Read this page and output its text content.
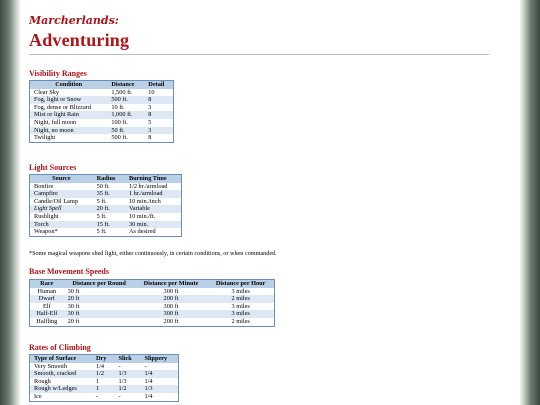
Marcherlands:
Adventuring
Visibility Ranges
Condition	Distance	Detail
Clear Sky	1,500 ft.	10
Fog, light or Snow	500 ft.	8
Fog, dense or Blizzard	10 ft.	3
Mist or light Rain	1,000 ft.	8
Night, full moon	100 ft.	5
Night, no moon	50 ft.	3
Twilight	500 ft.	8
Light Sources
Source	Radius	Burning Time
Bonfire	50 ft.	1/2 hr./armload
Campfire	35 ft.	1 hr./armload
Candle/Oil Lamp	5 ft.	10 min./inch
Light Spell	20 ft.	Variable
Rushlight	5 ft.	10 min./ft.
Torch	15 ft.	30 min.
Weapon*	5 ft.	As desired
*Some magical weapons shed light, either continuously, in certain conditions, or when commanded.
Base Movement Speeds
Race	Distance per Round	Distance per Minute	Distance per Hour
Human	30 ft	300 ft	3 miles
Dwarf	20 ft	200 ft	2 miles
Elf	30 ft	300 ft	3 miles
Half-Elf	30 ft	300 ft	3 miles
Halfling	20 ft	200 ft	2 miles
Rates of Climbing
Type of Surface	Dry	Slick	Slippery
Very Smooth	1/4	-	-
Smooth, cracked	1/2	1/3	1/4
Rough	1	1/3	1/4
Rough w/Ledges	1	1/2	1/3
Ice	-	-	1/4
